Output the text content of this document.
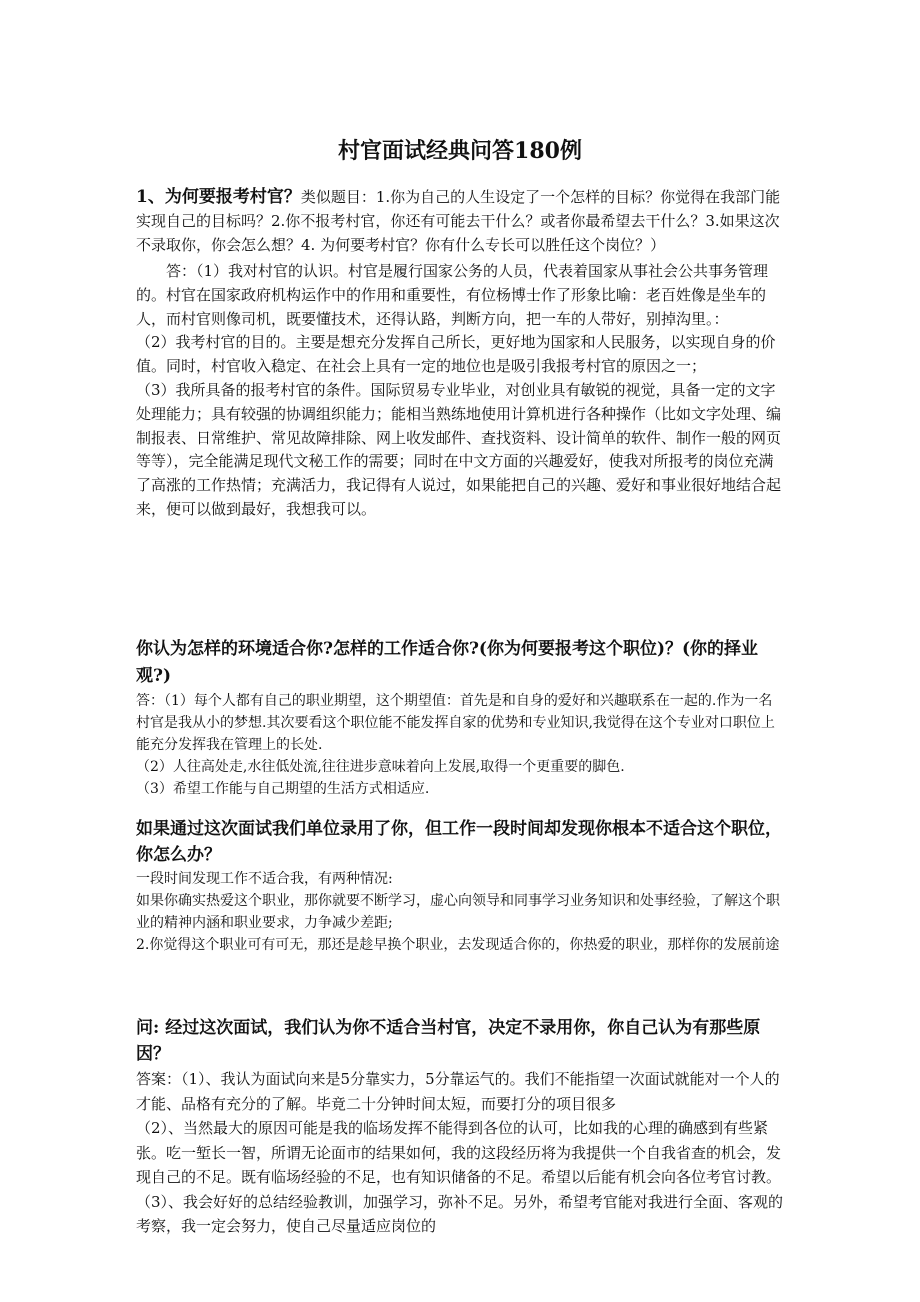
村官面试经典问答180例
1、为何要报考村官？类似题目：1.你为自己的人生设定了一个怎样的目标？你觉得在我部门能实现自己的目标吗？2.你不报考村官，你还有可能去干什么？或者你最希望去干什么？3.如果这次不录取你，你会怎么想？4. 为何要考村官？你有什么专长可以胜任这个岗位？）
答：（1）我对村官的认识。村官是履行国家公务的人员，代表着国家从事社会公共事务管理的。村官在国家政府机构运作中的作用和重要性，有位杨博士作了形象比喻：老百姓像是坐车的人，而村官则像司机，既要懂技术，还得认路，判断方向，把一车的人带好，别掉沟里。：
（2）我考村官的目的。主要是想充分发挥自己所长，更好地为国家和人民服务，以实现自身的价值。同时，村官收入稳定、在社会上具有一定的地位也是吸引我报考村官的原因之一；
（3）我所具备的报考村官的条件。国际贸易专业毕业，对创业具有敏锐的视觉，具备一定的文字处理能力；具有较强的协调组织能力；能相当熟练地使用计算机进行各种操作（比如文字处理、编制报表、日常维护、常见故障排除、网上收发邮件、查找资料、设计简单的软件、制作一般的网页等等），完全能满足现代文秘工作的需要；同时在中文方面的兴趣爱好，使我对所报考的岗位充满了高涨的工作热情；充满活力，我记得有人说过，如果能把自己的兴趣、爱好和事业很好地结合起来，便可以做到最好，我想我可以。
你认为怎样的环境适合你?怎样的工作适合你?(你为何要报考这个职位)？(你的择业观?)
答：（1）每个人都有自己的职业期望，这个期望值：首先是和自身的爱好和兴趣联系在一起的.作为一名村官是我从小的梦想.其次要看这个职位能不能发挥自家的优势和专业知识,我觉得在这个专业对口职位上能充分发挥我在管理上的长处.
（2）人往高处走,水往低处流,往往进步意味着向上发展,取得一个更重要的脚色.
（3）希望工作能与自己期望的生活方式相适应.
如果通过这次面试我们单位录用了你，但工作一段时间却发现你根本不适合这个职位，你怎么办？
一段时间发现工作不适合我，有两种情况:
如果你确实热爱这个职业，那你就要不断学习，虚心向领导和同事学习业务知识和处事经验，了解这个职业的精神内涵和职业要求，力争减少差距;
2.你觉得这个职业可有可无，那还是趁早换个职业，去发现适合你的，你热爱的职业，那样你的发展前途
问: 经过这次面试，我们认为你不适合当村官，决定不录用你，你自己认为有那些原因？
答案：（1）、我认为面试向来是5分靠实力，5分靠运气的。我们不能指望一次面试就能对一个人的才能、品格有充分的了解。毕竟二十分钟时间太短，而要打分的项目很多
（2）、当然最大的原因可能是我的临场发挥不能得到各位的认可，比如我的心理的确感到有些紧张。吃一堑长一智，所谓无论面市的结果如何，我的这段经历将为我提供一个自我省查的机会，发现自己的不足。既有临场经验的不足，也有知识储备的不足。希望以后能有机会向各位考官讨教。（3）、我会好好的总结经验教训，加强学习，弥补不足。另外，希望考官能对我进行全面、客观的考察，我一定会努力，使自己尽量适应岗位的
